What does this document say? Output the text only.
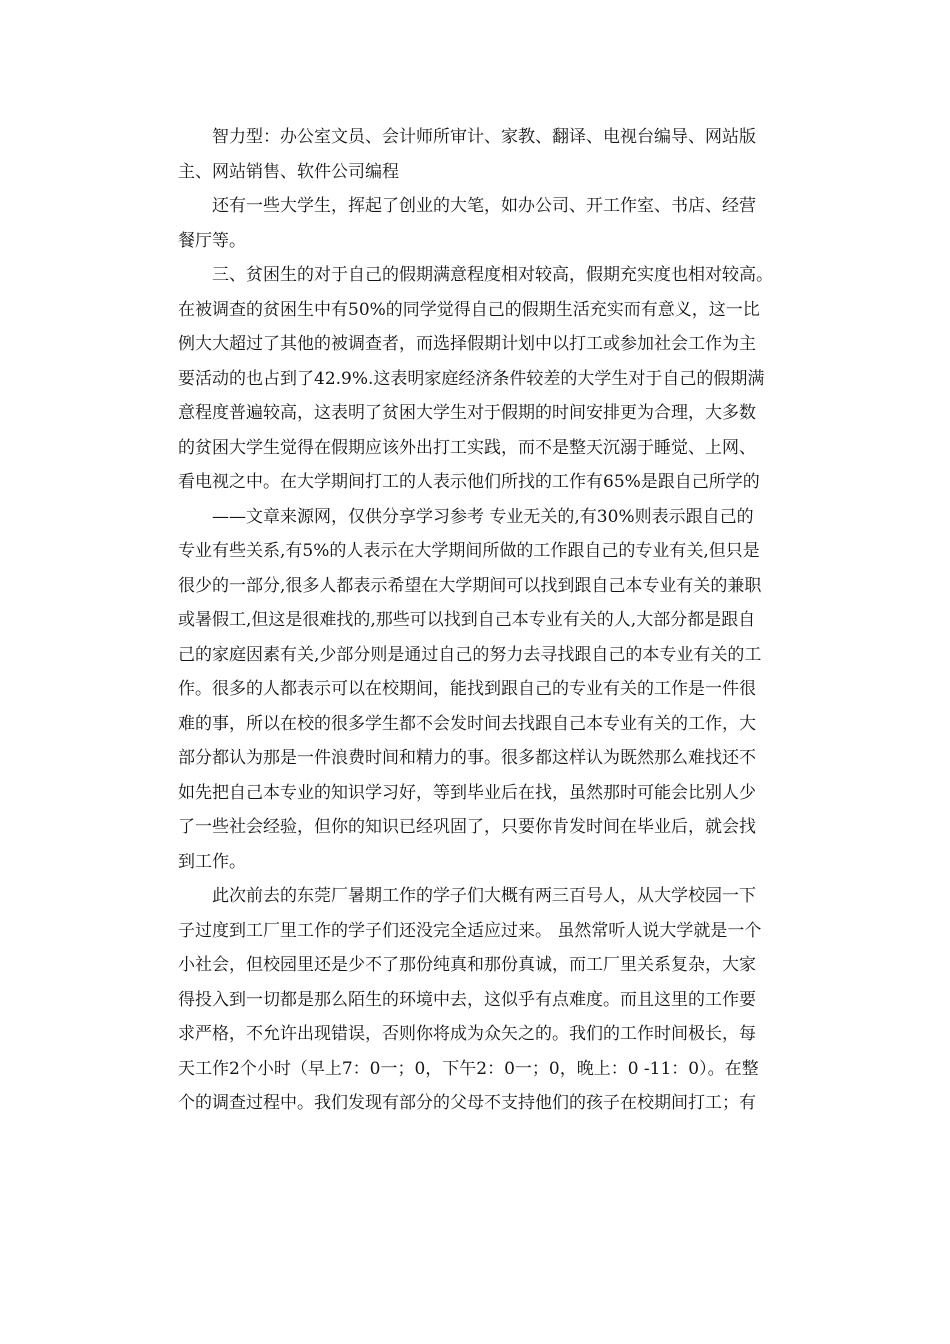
智力型：办公室文员、会计师所审计、家教、翻译、电视台编导、网站版
主、网站销售、软件公司编程
还有一些大学生，挥起了创业的大笔，如办公司、开工作室、书店、经营
餐厅等。
三、贫困生的对于自己的假期满意程度相对较高，假期充实度也相对较高。
在被调查的贫困生中有50%的同学觉得自己的假期生活充实而有意义，这一比
例大大超过了其他的被调查者，而选择假期计划中以打工或参加社会工作为主
要活动的也占到了42.9%.这表明家庭经济条件较差的大学生对于自己的假期满
意程度普遍较高，这表明了贫困大学生对于假期的时间安排更为合理，大多数
的贫困大学生觉得在假期应该外出打工实践，而不是整天沉溺于睡觉、上网、
看电视之中。在大学期间打工的人表示他们所找的工作有65%是跟自己所学的
——文章来源网，仅供分享学习参考 专业无关的,有30%则表示跟自己的
专业有些关系,有5%的人表示在大学期间所做的工作跟自己的专业有关,但只是
很少的一部分,很多人都表示希望在大学期间可以找到跟自己本专业有关的兼职
或暑假工,但这是很难找的,那些可以找到自己本专业有关的人,大部分都是跟自
己的家庭因素有关,少部分则是通过自己的努力去寻找跟自己的本专业有关的工
作。很多的人都表示可以在校期间，能找到跟自己的专业有关的工作是一件很
难的事，所以在校的很多学生都不会发时间去找跟自己本专业有关的工作，大
部分都认为那是一件浪费时间和精力的事。很多都这样认为既然那么难找还不
如先把自己本专业的知识学习好，等到毕业后在找，虽然那时可能会比别人少
了一些社会经验，但你的知识已经巩固了，只要你肯发时间在毕业后，就会找
到工作。
此次前去的东莞厂暑期工作的学子们大概有两三百号人，从大学校园一下
子过度到工厂里工作的学子们还没完全适应过来。 虽然常听人说大学就是一个
小社会，但校园里还是少不了那份纯真和那份真诚，而工厂里关系复杂，大家
得投入到一切都是那么陌生的环境中去，这似乎有点难度。而且这里的工作要
求严格，不允许出现错误，否则你将成为众矢之的。我们的工作时间极长，每
天工作2个小时（早上7：0一；0，下午2：0一；0，晚上：0 -11：0）。在整
个的调查过程中。我们发现有部分的父母不支持他们的孩子在校期间打工；有
